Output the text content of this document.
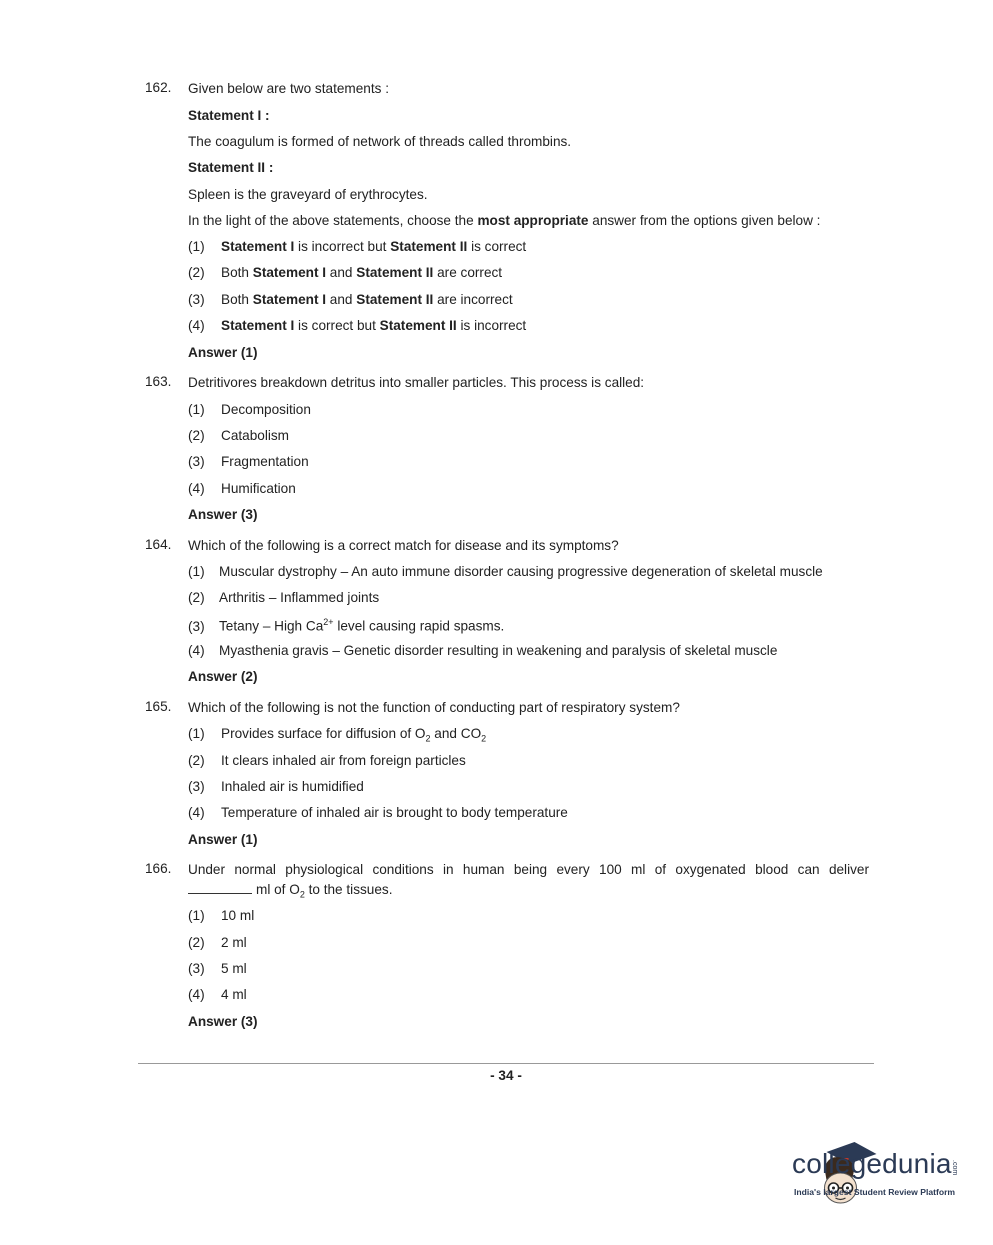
162. Given below are two statements :
Statement I :
The coagulum is formed of network of threads called thrombins.
Statement II :
Spleen is the graveyard of erythrocytes.
In the light of the above statements, choose the most appropriate answer from the options given below :
(1) Statement I is incorrect but Statement II is correct
(2) Both Statement I and Statement II are correct
(3) Both Statement I and Statement II are incorrect
(4) Statement I is correct but Statement II is incorrect
Answer (1)
163. Detritivores breakdown detritus into smaller particles. This process is called:
(1) Decomposition
(2) Catabolism
(3) Fragmentation
(4) Humification
Answer (3)
164. Which of the following is a correct match for disease and its symptoms?
(1) Muscular dystrophy – An auto immune disorder causing progressive degeneration of skeletal muscle
(2) Arthritis – Inflammed joints
(3) Tetany – High $Ca^{2+}$ level causing rapid spasms.
(4) Myasthenia gravis – Genetic disorder resulting in weakening and paralysis of skeletal muscle
Answer (2)
165. Which of the following is not the function of conducting part of respiratory system?
(1) Provides surface for diffusion of $O_2$ and $CO_2$
(2) It clears inhaled air from foreign particles
(3) Inhaled air is humidified
(4) Temperature of inhaled air is brought to body temperature
Answer (1)
166. Under normal physiological conditions in human being every 100 ml of oxygenated blood can deliver
ml of $O_2$ to the tissues.
(1) 10 ml
(2) 2 ml
(3) 5 ml
(4) 4 ml
Answer (3)
- 34 -
collegedunia .com
India's largest Student Review Platform
